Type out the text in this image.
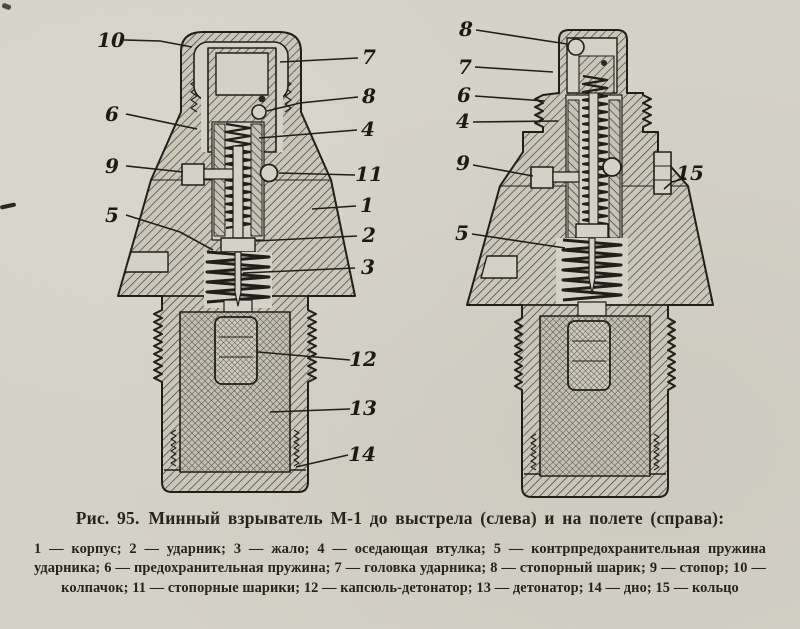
10
6
9
5
7
8
4
11
1
2
3
12
13
14
8
7
6
4
9
5
15
Рис. 95. Минный взрыватель М-1 до выстрела (слева) и на полете (справа):
1 — корпус; 2 — ударник; 3 — жало; 4 — оседающая втулка; 5 — контрпредохранительная пружина ударника; 6 — предохранительная пружина; 7 — головка ударника; 8 — стопорный шарик; 9 — стопор; 10 — колпачок; 11 — стопорные шарики; 12 — капсюль-детонатор; 13 — детонатор; 14 — дно; 15 — кольцо
